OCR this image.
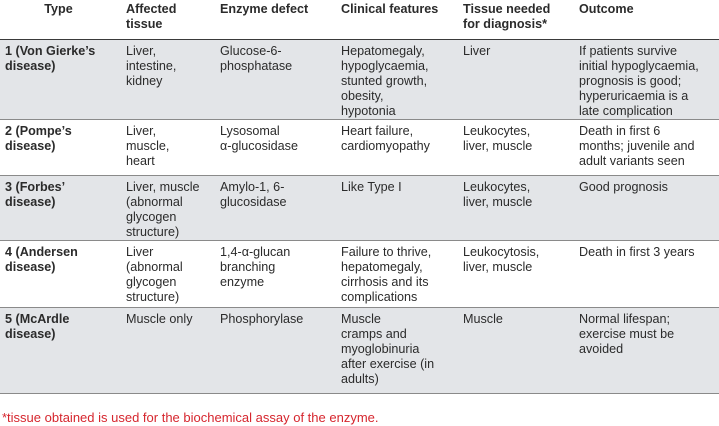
Type	Affected
tissue	Enzyme defect	Clinical features	Tissue needed
for diagnosis*	Outcome

1 (Von Gierke’s
disease)	Liver,
intestine,
kidney	Glucose-6-
phosphatase	Hepatomegaly,
hypoglycaemia,
stunted growth,
obesity,
hypotonia	Liver	If patients survive
initial hypoglycaemia,
prognosis is good;
hyperuricaemia is a
late complication

2 (Pompe’s
disease)	Liver,
muscle,
heart	Lysosomal
α-glucosidase	Heart failure,
cardiomyopathy	Leukocytes,
liver, muscle	Death in first 6
months; juvenile and
adult variants seen

3 (Forbes’
disease)	Liver, muscle
(abnormal
glycogen
structure)	Amylo-1, 6-
glucosidase	Like Type I	Leukocytes,
liver, muscle	Good prognosis

4 (Andersen
disease)	Liver
(abnormal
glycogen
structure)	1,4-α-glucan
branching
enzyme	Failure to thrive,
hepatomegaly,
cirrhosis and its
complications	Leukocytosis,
liver, muscle	Death in first 3 years

5 (McArdle
disease)	Muscle only	Phosphorylase	Muscle
cramps and
myoglobinuria
after exercise (in
adults)	Muscle	Normal lifespan;
exercise must be
avoided
*tissue obtained is used for the biochemical assay of the enzyme.
